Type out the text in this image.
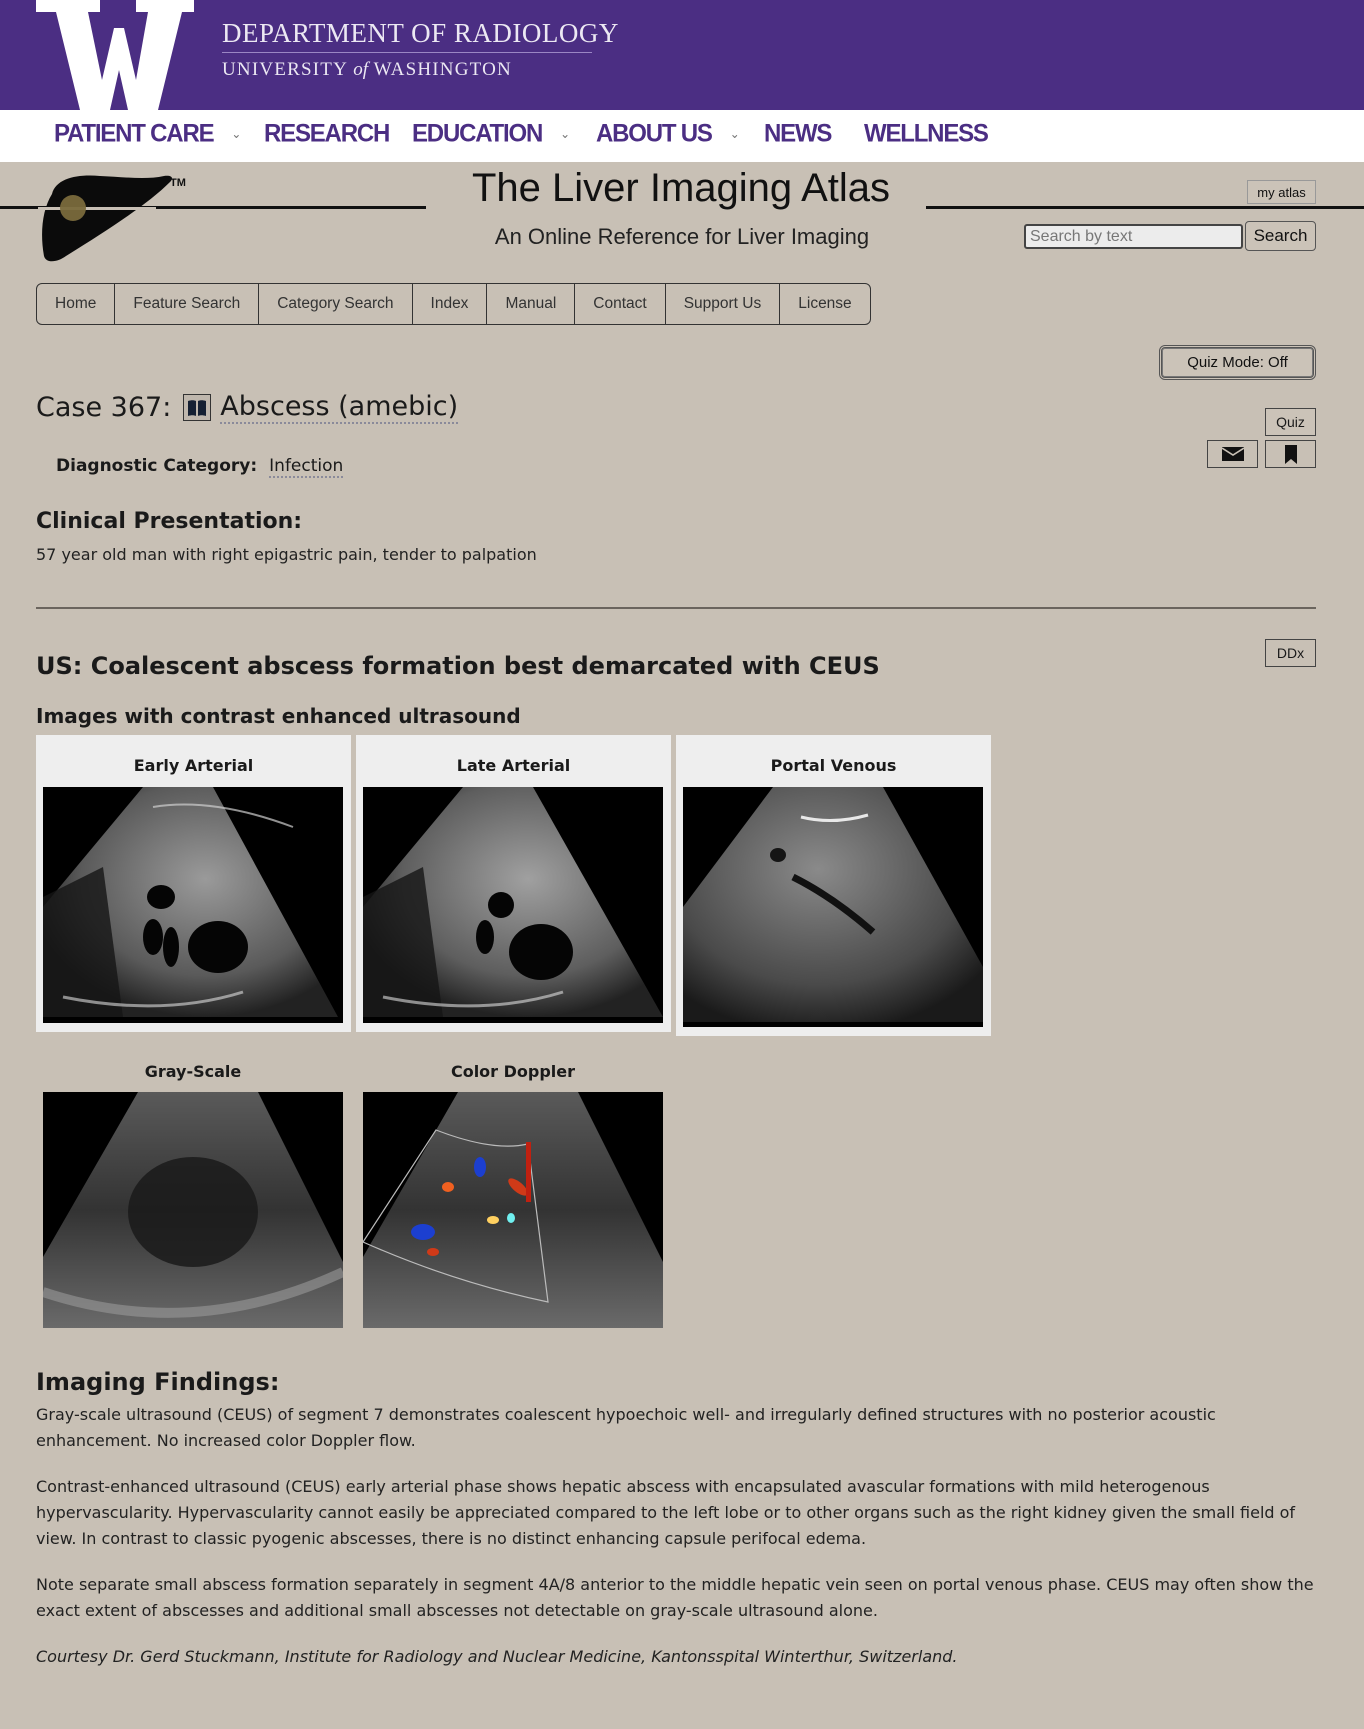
DEPARTMENT OF RADIOLOGY
UNIVERSITY of WASHINGTON
PATIENT CARE ⌄ RESEARCH EDUCATION ⌄ ABOUT US ⌄ NEWS WELLNESS
TM	The Liver Imaging Atlas
An Online Reference for Liver Imaging
my atlas
Search by text
Search
Home	Feature Search	Category Search	Index	Manual	Contact	Support Us	License
Quiz Mode: Off
Quiz
Case 367: Abscess (amebic)
Diagnostic Category: Infection
Clinical Presentation:
57 year old man with right epigastric pain, tender to palpation
US: Coalescent abscess formation best demarcated with CEUS	DDx
Images with contrast enhanced ultrasound
Early Arterial	Late Arterial	Portal Venous
Gray-Scale	Color Doppler
Imaging Findings:

Gray-scale ultrasound (CEUS) of segment 7 demonstrates coalescent hypoechoic well- and irregularly defined structures with no posterior acoustic enhancement. No increased color Doppler flow.

Contrast-enhanced ultrasound (CEUS) early arterial phase shows hepatic abscess with encapsulated avascular formations with mild heterogenous hypervascularity. Hypervascularity cannot easily be appreciated compared to the left lobe or to other organs such as the right kidney given the small field of view. In contrast to classic pyogenic abscesses, there is no distinct enhancing capsule perifocal edema.

Note separate small abscess formation separately in segment 4A/8 anterior to the middle hepatic vein seen on portal venous phase. CEUS may often show the exact extent of abscesses and additional small abscesses not detectable on gray-scale ultrasound alone.

Courtesy Dr. Gerd Stuckmann, Institute for Radiology and Nuclear Medicine, Kantonsspital Winterthur, Switzerland.
